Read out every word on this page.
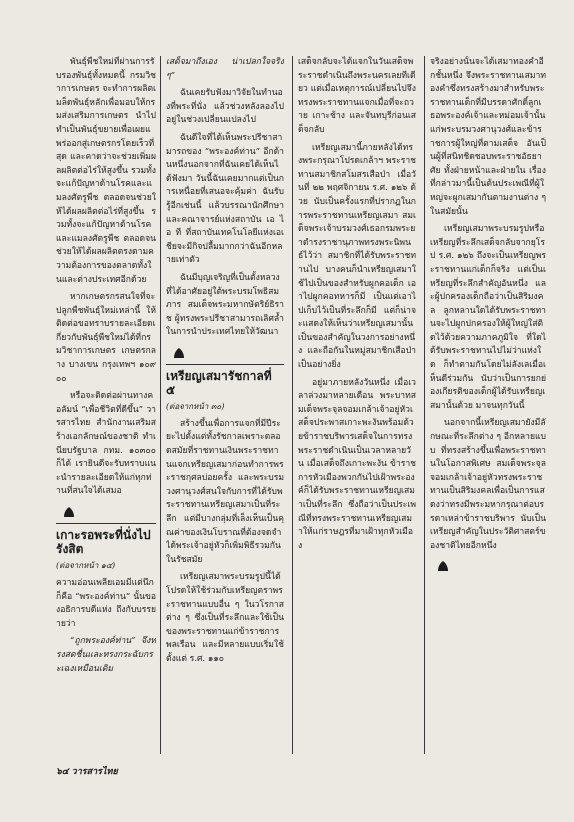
พันธุ์พืชใหม่ที่ผ่านการรับรองพันธุ์ทั้งหมดนี้ กรมวิชาการเกษตร จะทำการผลิตเมล็ดพันธุ์หลักเพื่อมอบให้กรมส่งเสริมการเกษตร นำไปทำเป็นพันธุ์ขยายเพื่อเผยแพร่ออกสู่เกษตรกรโดยเร็วที่สุด และคาดว่าจะช่วยเพิ่มผลผลิตต่อไร่ให้สูงขึ้น รวมทั้งจะแก้ปัญหาด้านโรคและแมลงศัตรูพืช ตลอดจนช่วยให้ได้ผลผลิตต่อไร่ที่สูงขึ้น รวมทั้งจะแก้ปัญหาด้านโรคและแมลงศัตรูพืช ตลอดจนช่วยให้ได้ผลผลิตตรงตามความต้องการของตลาดทั้งในและต่างประเทศอีกด้วย

หากเกษตรกรสนใจที่จะปลูกพืชพันธุ์ใหม่เหล่านี้ ให้ติดต่อขอทราบรายละเอียดเกี่ยวกับพันธุ์พืชใหม่ได้ที่กรมวิชาการเกษตร เกษตรกลาง บางเขน กรุงเทพฯ ๑๐๙๐๐

หรือจะติดต่อผ่านทางคอลัมน์ “เพื่อชีวิตที่ดีขึ้น” วารสารไทย สำนักงานเสริมสร้างเอกลักษณ์ของชาติ ทำเนียบรัฐบาล กทม. ๑๐๓๐๐ ก็ได้ เรายินดีจะรับทราบแนะนำรายละเอียดให้แก่ทุกท่านที่สนใจได้เสมอ

เกาะรอพระที่นั่งไปรังสิต
(ต่อจากหน้า ๑๔)

ความอ่อนเพลียเอมมีแต่นึกก็คือ “พระองค์ท่าน” นั้นของอธิการบดีแห่ง ถึงกับบรรยายว่า

“ถูกพระองค์ท่าน” จึงทรงสดชื่นและทรงกระฉับกระเฉงเหมือนเดิม

เสด็จมาถึงเอง น่าเปลกใจจริง ๆ”

ฉันเคยรับฟังมาวิจัยในทำนองที่พระที่นั่ง แล้วช่วงหลังลองไปอยู่ในช่วงเปลี่ยนแปลงไป

ฉันดีใจที่ได้เห็นพระปรีชาสามารถของ “พระองค์ท่าน” อีกด้านหนึ่งนอกจากที่ฉันเคยได้เห็นได้ฟังมา วันนี้ฉันเคยมากแต่เป็นการเหนื่อยที่เสนอจะคุ้มค่า ฉันรับรู้อีกเช่นนี้ แล้วบรรณานักศึกษาและคณาจารย์แห่งสถาบัน เอ ไอ ที ที่สถาบันเทคโนโลยีแห่งเอเชียจะมีกิจปลื้มมากกว่าฉันอีกหลายเท่าตัว

ฉันมีบุญเจริญที่เป็นตั้งหลวงที่ได้อาศัยอยู่ใต้พระบรมโพธิสมภาร สมเด็จพระมหากษัตริย์ธิราช ผู้ทรงพระปรีชาสามารถเลิศล้ำในการนำประเทศไทยให้วัฒนา

เหรียญเสมารัชกาลที่ ๕
(ต่อจากหน้า ๓๐)

สร้างขึ้นเพื่อการแจกที่มีปีระยะไปตั้งแต่ทั้งรัชกาลเพราะตลอดสมัยที่ราชทานเงินพระราชทานแจกเหรียญเสมาก่อนทำการพระราชกุศลบ่อยครั้ง และพระบรมวงศานุวงศ์สนใจกับการที่ได้รับพระราชทานเหรียญเสมาเป็นที่ระลึก แต่มีบางกลุ่มที่เล็งเห็นเป็นคุณค่าของเงินโบราณที่ต้องจดจำได้พระเจ้าอยู่หัวก็เพิ่มพิธีรวมกันในรัชสมัย

เหรียญเสมาพระบรมรูปนี้ได้โปรดให้ใช้ร่วมกับเหรียญตราพระราชทานแบบอื่น ๆ ในวโรกาสต่าง ๆ ซึ่งเป็นที่ระลึกและใช้เป็นของพระราชทานแก่ข้าราชการพลเรือน และมีหลายแบบเริ่มใช้ตั้งแต่ ร.ศ. ๑๑๐

เสด็จกลับจะได้แจกในวันเสด็จพระราชดำเนินถึงพระนครเลยทีเดียว แต่เมื่อเหตุการณ์เปลี่ยนไปจึงทรงพระราชทานแจกเมื่อที่จะถวาย เกาะช้าง และจันทบุรีก่อนเสด็จกลับ

เหรียญเสมานี้ภายหลังได้ทรงพระกรุณาโปรดเกล้าฯ พระราชทานสมาชิกสโมสรเสือป่า เมื่อวันที่ ๒๒ พฤศจิกายน ร.ศ. ๑๒๖ ด้วย นับเป็นครั้งแรกที่ปรากฏในการพระราชทานเหรียญเสมา สมเด็จพระเจ้าบรมวงศ์เธอกรมพระยาดำรงราชานุภาพทรงพระนิพนธ์ไว้ว่า สมาชิกที่ได้รับพระราชทานไป บางคนก็นำเหรียญเสมาใช้ไปเป็นของสำหรับผูกคอเด็ก เอาไปผูกคอทหารก็มี เป็นแต่เอาไปเก็บไว้เป็นที่ระลึกก็มี แต่ก็น่าจะแสดงให้เห็นว่าเหรียญเสมานั้นเป็นของสำคัญในวงการอย่างหนึ่ง และถือกันในหมู่สมาชิกเสือป่าเป็นอย่างยิ่ง

อยู่มาภายหลังวันหนึ่ง เมื่อเวลาล่วงมาหลายเดือน พระบาทสมเด็จพระจุลจอมเกล้าเจ้าอยู่หัวเสด็จประพาสเกาะพะงันพร้อมด้วยข้าราชบริพารเสด็จในการทรงพระราชดำเนินเป็นเวลาหลายวัน เมื่อเสด็จถึงเกาะพะงัน ข้าราชการหัวเมืองพวกกันไปเฝ้าพระองค์ก็ได้รับพระราชทานเหรียญเสมาเป็นที่ระลึก ซึ่งถือว่าเป็นประเพณีที่ทรงพระราชทานเหรียญเสมาให้แก่ราษฎรที่มาเฝ้าทุกหัวเมือง

จริงอย่างนั้นจะได้เสมาทองคำอีกชั้นหนึ่ง จึงพระราชทานเสมาทองคำซึ่งทรงสร้างมาสำหรับพระราชทานเด็กที่มีบรรดาศักดิ์ลูกเธอพระองค์เจ้าและหม่อมเจ้านั้น แก่พระบรมวงศานุวงศ์และข้าราชการผู้ใหญ่ที่ตามเสด็จ อันเป็นผู้ที่สนิทชิดชอบพระราชอัธยาศัย ทั้งฝ่ายหน้าและฝ่ายใน เรื่องที่กล่าวมานี้เป็นต้นประเพณีที่ผู้ใหญ่จะผูกเสมากันตามงานต่าง ๆ ในสมัยนั้น

เหรียญเสมาพระบรมรูปหรือเหรียญที่ระลึกเสด็จกลับจากยุโรป ร.ศ. ๑๒๖ ถึงจะเป็นเหรียญพระราชทานแก่เด็กก็จริง แต่เป็นเหรียญที่ระลึกสำคัญอันหนึ่ง และผู้ปกครองเด็กถือว่าเป็นสิริมงคล ลูกหลานใดได้รับพระราชทานจะไปผูกปกครองให้ผู้ใหญ่ใส่ติดไว้ด้วยความภาคภูมิใจ ที่ใดได้รับพระราชทานไปไม่ว่าแห่งใด ก็ทำตามกันโดยไม่ลังเลเมื่อเห็นดีร่วมกัน นับว่าเป็นการยกย่องเกียรติของเด็กผู้ได้รับเหรียญเสมานั้นด้วย มาจนทุกวันนี้

นอกจากนี้เหรียญเสมายังมีลักษณะที่ระลึกต่าง ๆ อีกหลายแบบ ที่ทรงสร้างขึ้นเพื่อพระราชทานในโอกาสพิเศษ สมเด็จพระจุลจอมเกล้าเจ้าอยู่หัวทรงพระราชทานเป็นสิริมงคลเพื่อเป็นการแสดงว่าทรงมีพระมหากรุณาต่อบรรดาเหล่าข้าราชบริพาร นับเป็นเหรียญสำคัญในประวัติศาสตร์ของชาติไทยอีกหนึ่ง

๖๔ วารสารไทย
